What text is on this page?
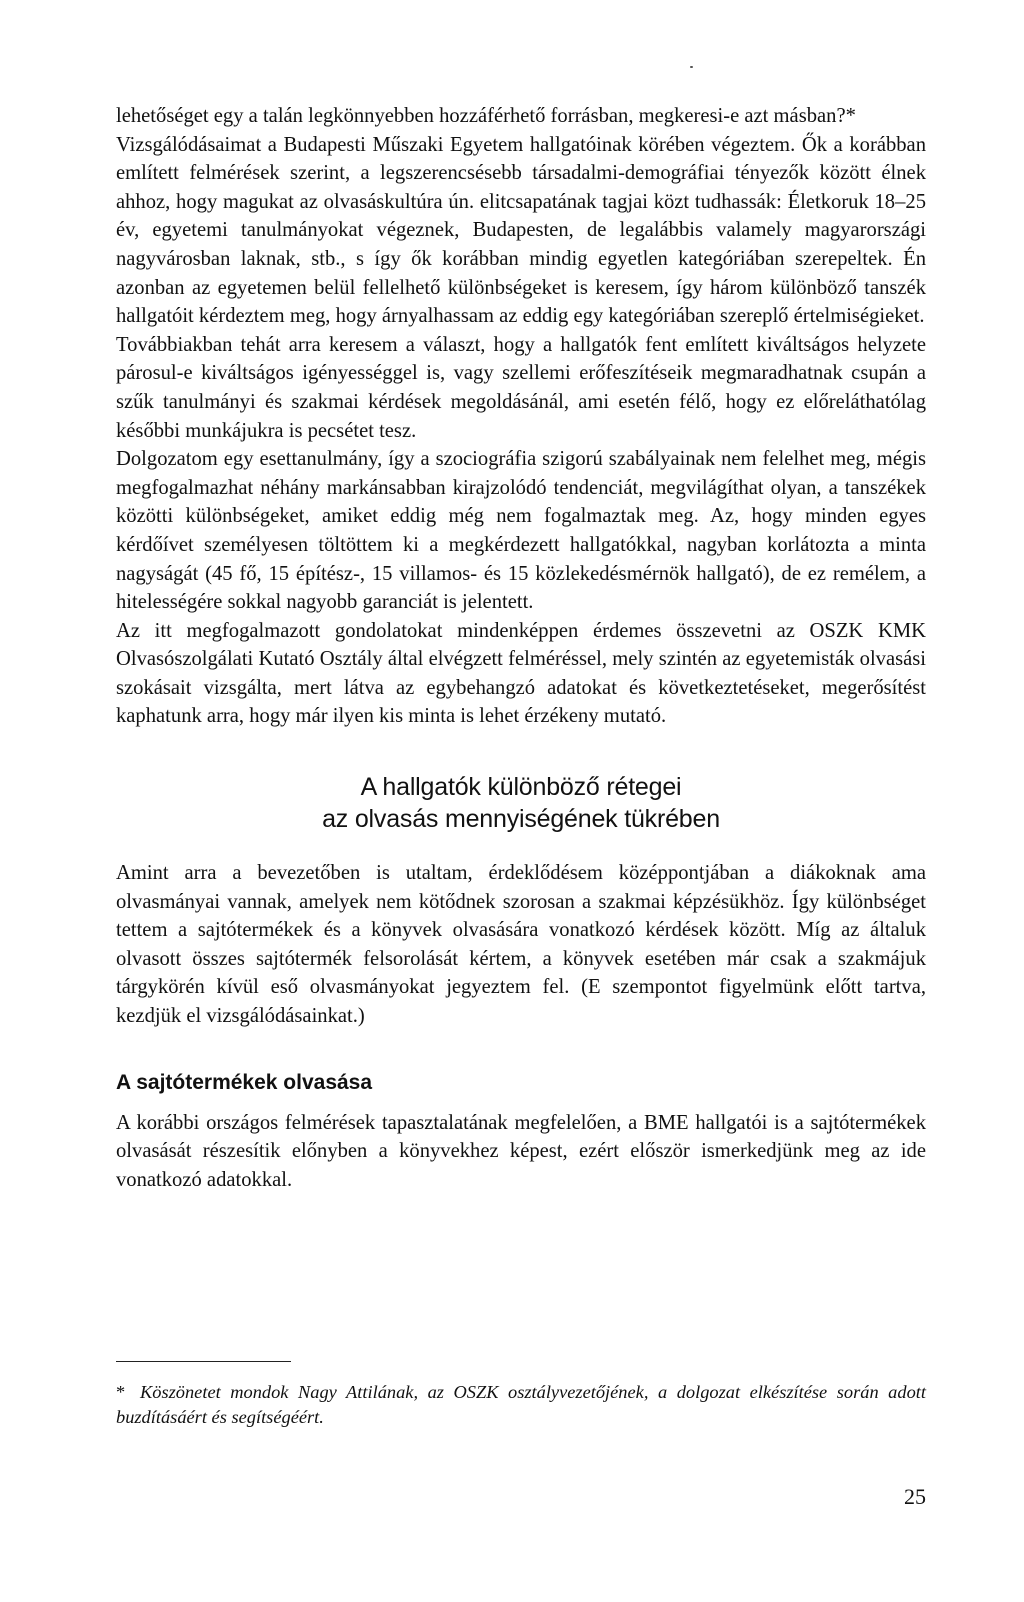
lehetőséget egy a talán legkönnyebben hozzáférhető forrásban, megkeresi-e azt másban?*

Vizsgálódásaimat a Budapesti Műszaki Egyetem hallgatóinak körében végeztem. Ők a korábban említett felmérések szerint, a legszerencsésebb társadalmi-demográfiai tényezők között élnek ahhoz, hogy magukat az olvasáskultúra ún. elitcsapatának tagjai közt tudhassák: Életkoruk 18–25 év, egyetemi tanulmányokat végeznek, Budapesten, de legalábbis valamely magyarországi nagyvárosban laknak, stb., s így ők korábban mindig egyetlen kategóriában szerepeltek. Én azonban az egyetemen belül fellelhető különbségeket is keresem, így három különböző tanszék hallgatóit kérdeztem meg, hogy árnyalhassam az eddig egy kategóriában szereplő értelmiségieket.

Továbbiakban tehát arra keresem a választ, hogy a hallgatók fent említett kiváltságos helyzete párosul-e kiváltságos igényességgel is, vagy szellemi erőfeszítéseik megmaradhatnak csupán a szűk tanulmányi és szakmai kérdések megoldásánál, ami esetén félő, hogy ez előreláthatólag későbbi munkájukra is pecsétet tesz.

Dolgozatom egy esettanulmány, így a szociográfia szigorú szabályainak nem felelhet meg, mégis megfogalmazhat néhány markánsabban kirajzolódó tendenciát, megvilágíthat olyan, a tanszékek közötti különbségeket, amiket eddig még nem fogalmaztak meg. Az, hogy minden egyes kérdőívet személyesen töltöttem ki a megkérdezett hallgatókkal, nagyban korlátozta a minta nagyságát (45 fő, 15 építész-, 15 villamos- és 15 közlekedésmérnök hallgató), de ez remélem, a hitelességére sokkal nagyobb garanciát is jelentett.

Az itt megfogalmazott gondolatokat mindenképpen érdemes összevetni az OSZK KMK Olvasószolgálati Kutató Osztály által elvégzett felméréssel, mely szintén az egyetemisták olvasási szokásait vizsgálta, mert látva az egybehangzó adatokat és következtetéseket, megerősítést kaphatunk arra, hogy már ilyen kis minta is lehet érzékeny mutató.

A hallgatók különböző rétegei
az olvasás mennyiségének tükrében

Amint arra a bevezetőben is utaltam, érdeklődésem középpontjában a diákoknak ama olvasmányai vannak, amelyek nem kötődnek szorosan a szakmai képzésükhöz. Így különbséget tettem a sajtótermékek és a könyvek olvasására vonatkozó kérdések között. Míg az általuk olvasott összes sajtótermék felsorolását kértem, a könyvek esetében már csak a szakmájuk tárgykörén kívül eső olvasmányokat jegyeztem fel. (E szempontot figyelmünk előtt tartva, kezdjük el vizsgálódásainkat.)

A sajtótermékek olvasása

A korábbi országos felmérések tapasztalatának megfelelően, a BME hallgatói is a sajtótermékek olvasását részesítik előnyben a könyvekhez képest, ezért először ismerkedjünk meg az ide vonatkozó adatokkal.

* Köszönetet mondok Nagy Attilának, az OSZK osztályvezetőjének, a dolgozat elkészítése során adott buzdításáért és segítségéért.

25
